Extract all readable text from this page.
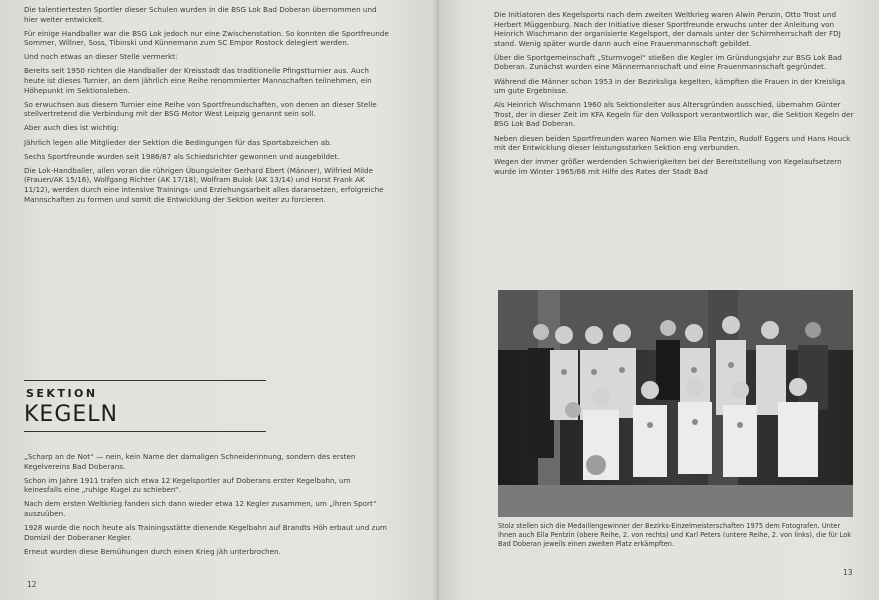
Die talentiertesten Sportler dieser Schulen wurden in die BSG Lok Bad Doberan übernommen und hier weiter entwickelt.

Für einige Handballer war die BSG Lok jedoch nur eine Zwischenstation. So konnten die Sportfreunde Sommer, Willner, Soss, Tibinski und Künnemann zum SC Empor Rostock delegiert werden.

Und noch etwas an dieser Stelle vermerkt:

Bereits seit 1950 richten die Handballer der Kreisstadt das traditionelle Pfingstturnier aus. Auch heute ist dieses Turnier, an dem jährlich eine Reihe renommierter Mannschaften teilnehmen, ein Höhepunkt im Sektionsleben.

So erwuchsen aus diesem Turnier eine Reihe von Sportfreundschaften, von denen an dieser Stelle stellvertretend die Verbindung mit der BSG Motor West Leipzig genannt sein soll.

Aber auch dies ist wichtig:

Jährlich legen alle Mitglieder der Sektion die Bedingungen für das Sportabzeichen ab.

Sechs Sportfreunde wurden seit 1986/87 als Schiedsrichter gewonnen und ausgebildet.

Die Lok-Handballer, allen voran die rührigen Übungsleiter Gerhard Ebert (Männer), Wilfried Milde (Frauen/AK 15/16), Wolfgang Richter (AK 17/18), Wolfram Bulok (AK 13/14) und Horst Frank AK 11/12), werden durch eine intensive Trainings- und Erziehungsarbeit alles daransetzen, erfolgreiche Mannschaften zu formen und somit die Entwicklung der Sektion weiter zu forcieren.

SEKTION
KEGELN

„Scharp an de Not“ — nein, kein Name der damaligen Schneiderinnung, sondern des ersten Kegelvereins Bad Doberans.

Schon im Jahre 1911 trafen sich etwa 12 Kegelsportler auf Doberans erster Kegelbahn, um keinesfalls eine „ruhige Kugel zu schieben“.

Nach dem ersten Weltkrieg fanden sich dann wieder etwa 12 Kegler zusammen, um „ihren Sport“ auszuüben.

1928 wurde die noch heute als Trainingsstätte dienende Kegelbahn auf Brandts Höh erbaut und zum Domizil der Doberaner Kegler.

Erneut wurden diese Bemühungen durch einen Krieg jäh unterbrochen.

12

Die Initiatoren des Kegelsports nach dem zweiten Weltkrieg waren Alwin Penzin, Otto Trost und Herbert Müggenburg. Nach der Initiative dieser Sportfreunde erwuchs unter der Anleitung von Heinrich Wischmann der organisierte Kegelsport, der damals unter der Schirmherrschaft der FDJ stand. Wenig später wurde dann auch eine Frauenmannschaft gebildet.

Über die Sportgemeinschaft „Sturmvogel“ stießen die Kegler im Gründungsjahr zur BSG Lok Bad Doberan. Zunächst wurden eine Männermannschaft und eine Frauenmannschaft gegründet.

Während die Männer schon 1953 in der Bezirksliga kegelten, kämpften die Frauen in der Kreisliga um gute Ergebnisse.

Als Heinrich Wischmann 1960 als Sektionsleiter aus Altersgründen ausschied, übernahm Günter Trost, der in dieser Zeit im KFA Kegeln für den Volkssport verantwortlich war, die Sektion Kegeln der BSG Lok Bad Doberan.

Neben diesen beiden Sportfreunden waren Namen wie Ella Pentzin, Rudolf Eggers und Hans Houck mit der Entwicklung dieser leistungsstarken Sektion eng verbunden.

Wegen der immer größer werdenden Schwierigkeiten bei der Bereitstellung von Kegelaufsetzern wurde im Winter 1965/66 mit Hilfe des Rates der Stadt Bad

Stolz stellen sich die Medaillengewinner der Bezirks-Einzelmeisterschaften 1975 dem Fotografen. Unter ihnen auch Ella Pentzin (obere Reihe, 2. von rechts) und Karl Peters (untere Reihe, 2. von links), die für Lok Bad Doberan jeweils einen zweiten Platz erkämpften.
13
